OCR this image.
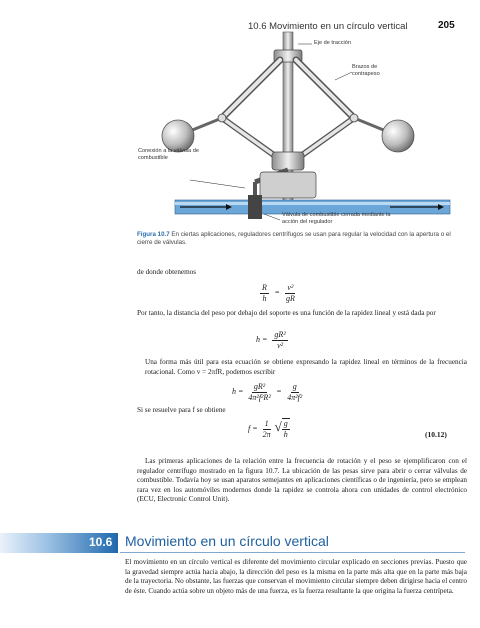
10.6 Movimiento en un círculo vertical	205
Eje de tracción
Brazos de contrapeso
Conexión a la válvula de combustible
Válvula de combustible cerrada mediante la acción del regulador
Figura 10.7 En ciertas aplicaciones, reguladores centrífugos se usan para regular la velocidad con la apertura o el cierre de válvulas.
de donde obtenemos
$\frac{R}{h} = \frac{\text{v²}}{gR}$
Por tanto, la distancia del peso por debajo del soporte es una función de la rapidez lineal y está dada por
$h = \frac{\text{gR²}}{\text{v²}}$
Una forma más útil para esta ecuación se obtiene expresando la rapidez lineal en términos de la frecuencia rotacional. Como v = 2πfR, podemos escribir
$h = \frac{\text{gR²}}{\text{4π²f²R²}} = \frac{g}{\text{4π²f²}}$
Si se resuelve para f se obtiene
$f = \frac{1}{2\pi}$ √ $\frac{g}{h}$	(10.12)
Las primeras aplicaciones de la relación entre la frecuencia de rotación y el peso se ejemplificaron con el regulador centrífugo mostrado en la figura 10.7. La ubicación de las pesas sirve para abrir o cerrar válvulas de combustible. Todavía hoy se usan aparatos semejantes en aplicaciones científicas o de ingeniería, pero se emplean rara vez en los automóviles modernos donde la rapidez se controla ahora con unidades de control electrónico (ECU, Electronic Control Unit).
10.6 Movimiento en un círculo vertical
El movimiento en un círculo vertical es diferente del movimiento circular explicado en secciones previas. Puesto que la gravedad siempre actúa hacia abajo, la dirección del peso es la misma en la parte más alta que en la parte más baja de la trayectoria. No obstante, las fuerzas que conservan el movimiento circular siempre deben dirigirse hacia el centro de éste. Cuando actúa sobre un objeto más de una fuerza, es la fuerza resultante la que origina la fuerza centrípeta.
